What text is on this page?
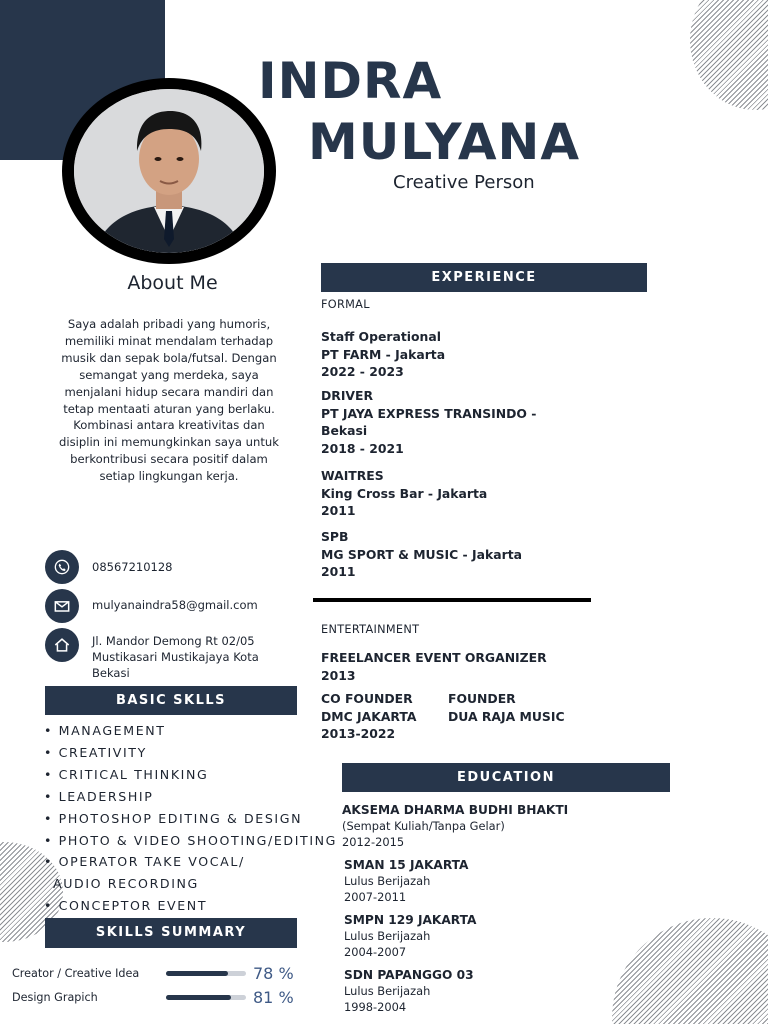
INDRA
MULYANA
Creative Person
About Me
Saya adalah pribadi yang humoris, memiliki minat mendalam terhadap musik dan sepak bola/futsal. Dengan semangat yang merdeka, saya menjalani hidup secara mandiri dan tetap mentaati aturan yang berlaku. Kombinasi antara kreativitas dan disiplin ini memungkinkan saya untuk berkontribusi secara positif dalam setiap lingkungan kerja.
08567210128
mulyanaindra58@gmail.com
Jl. Mandor Demong Rt 02/05
Mustikasari Mustikajaya Kota
Bekasi
BASIC SKLLS
• MANAGEMENT
• CREATIVITY
• CRITICAL THINKING
• LEADERSHIP
• PHOTOSHOP EDITING & DESIGN
• PHOTO & VIDEO SHOOTING/EDITING
• OPERATOR TAKE VOCAL/
AUDIO RECORDING
• CONCEPTOR EVENT
SKILLS SUMMARY
Creator / Creative Idea	78 %
Design Grapich	81 %
EXPERIENCE
FORMAL
Staff Operational
PT FARM - Jakarta
2022 - 2023
DRIVER
PT JAYA EXPRESS TRANSINDO -
Bekasi
2018 - 2021
WAITRES
King Cross Bar - Jakarta
2011
SPB
MG SPORT & MUSIC - Jakarta
2011
ENTERTAINMENT
FREELANCER EVENT ORGANIZER
2013
CO FOUNDER
DMC JAKARTA
2013-2022
FOUNDER
DUA RAJA MUSIC
EDUCATION
AKSEMA DHARMA BUDHI BHAKTI
(Sempat Kuliah/Tanpa Gelar)
2012-2015
SMAN 15 JAKARTA
Lulus Berijazah
2007-2011
SMPN 129 JAKARTA
Lulus Berijazah
2004-2007
SDN PAPANGGO 03
Lulus Berijazah
1998-2004
